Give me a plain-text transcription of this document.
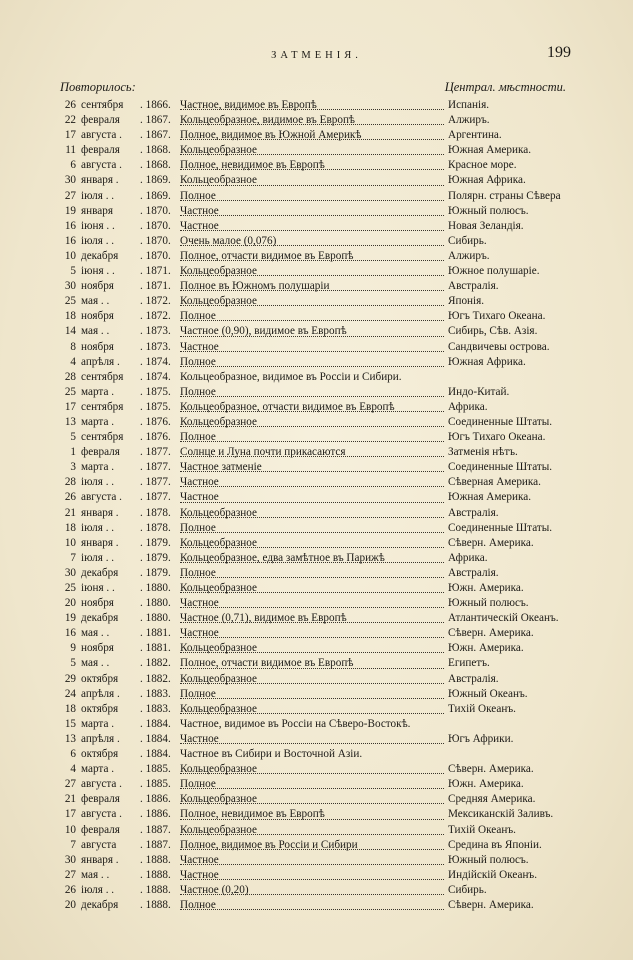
ЗАТМЕНІЯ.	199
Повторилось:	Централ. мѣстности.
26 сентября	. 1866. Частное, видимое въ Европѣ	Испанія.
22 февраля	. 1867. Кольцеобразное, видимое въ Европѣ	Алжиръ.
17 августа .	. 1867. Полное, видимое въ Южной Америкѣ	Аргентина.
11 февраля	. 1868. Кольцеобразное	Южная Америка.
6 августа .	. 1868. Полное, невидимое въ Европѣ	Красное море.
30 января .	. 1869. Кольцеобразное	Южная Африка.
27 іюля . .	. 1869. Полное	Полярн. страны Сѣвера
19 января	. 1870. Частное	Южный полюсъ.
16 іюня . .	. 1870. Частное	Новая Зеландія.
16 іюля . .	. 1870. Очень малое (0,076)	Сибирь.
10 декабря	. 1870. Полное, отчасти видимое въ Европѣ	Алжиръ.
5 іюня . .	. 1871. Кольцеобразное	Южное полушаріе.
30 ноября	. 1871. Полное въ Южномъ полушаріи	Австралія.
25 мая . .	. 1872. Кольцеобразное	Японія.
18 ноября	. 1872. Полное	Югъ Тихаго Океана.
14 мая . .	. 1873. Частное (0,90), видимое въ Европѣ	Сибирь, Сѣв. Азія.
8 ноября	. 1873. Частное	Сандвичевы острова.
4 апрѣля .	. 1874. Полное	Южная Африка.
28 сентября	. 1874. Кольцеобразное, видимое въ Россіи и Сибири.
25 марта .	. 1875. Полное	Индо-Китай.
17 сентября	. 1875. Кольцеобразное, отчасти видимое въ Европѣ	Африка.
13 марта .	. 1876. Кольцеобразное	Соединенные Штаты.
5 сентября	. 1876. Полное	Югъ Тихаго Океана.
1 февраля	. 1877. Солнце и Луна почти прикасаются	Затменія нѣтъ.
3 марта .	. 1877. Частное затменіе	Соединенные Штаты.
28 іюля . .	. 1877. Частное	Сѣверная Америка.
26 августа .	. 1877. Частное	Южная Америка.
21 января .	. 1878. Кольцеобразное	Австралія.
18 іюля . .	. 1878. Полное	Соединенные Штаты.
10 января .	. 1879. Кольцеобразное	Сѣверн. Америка.
7 іюля . .	. 1879. Кольцеобразное, едва замѣтное въ Парижѣ	Африка.
30 декабря	. 1879. Полное	Австралія.
25 іюня . .	. 1880. Кольцеобразное	Южн. Америка.
20 ноября	. 1880. Частное	Южный полюсъ.
19 декабря	. 1880. Частное (0,71), видимое въ Европѣ	Атлантическій Океанъ.
16 мая . .	. 1881. Частное	Сѣверн. Америка.
9 ноября	. 1881. Кольцеобразное	Южн. Америка.
5 мая . .	. 1882. Полное, отчасти видимое въ Европѣ	Египетъ.
29 октября	. 1882. Кольцеобразное	Австралія.
24 апрѣля .	. 1883. Полное	Южный Океанъ.
18 октября	. 1883. Кольцеобразное	Тихій Океанъ.
15 марта .	. 1884. Частное, видимое въ Россіи на Сѣверо-Востокѣ.
13 апрѣля .	. 1884. Частное	Югъ Африки.
6 октября	. 1884. Частное въ Сибири и Восточной Азіи.
4 марта .	. 1885. Кольцеобразное	Сѣверн. Америка.
27 августа .	. 1885. Полное	Южн. Америка.
21 февраля	. 1886. Кольцеобразное	Средняя Америка.
17 августа .	. 1886. Полное, невидимое въ Европѣ	Мексиканскій Заливъ.
10 февраля	. 1887. Кольцеобразное	Тихій Океанъ.
7 августа	. 1887. Полное, видимое въ Россіи и Сибири	Средина въ Японіи.
30 января .	. 1888. Частное	Южный полюсъ.
27 мая . .	. 1888. Частное	Индійскій Океанъ.
26 іюля . .	. 1888. Частное (0,20)	Сибирь.
20 декабря	. 1888. Полное	Сѣверн. Америка.
